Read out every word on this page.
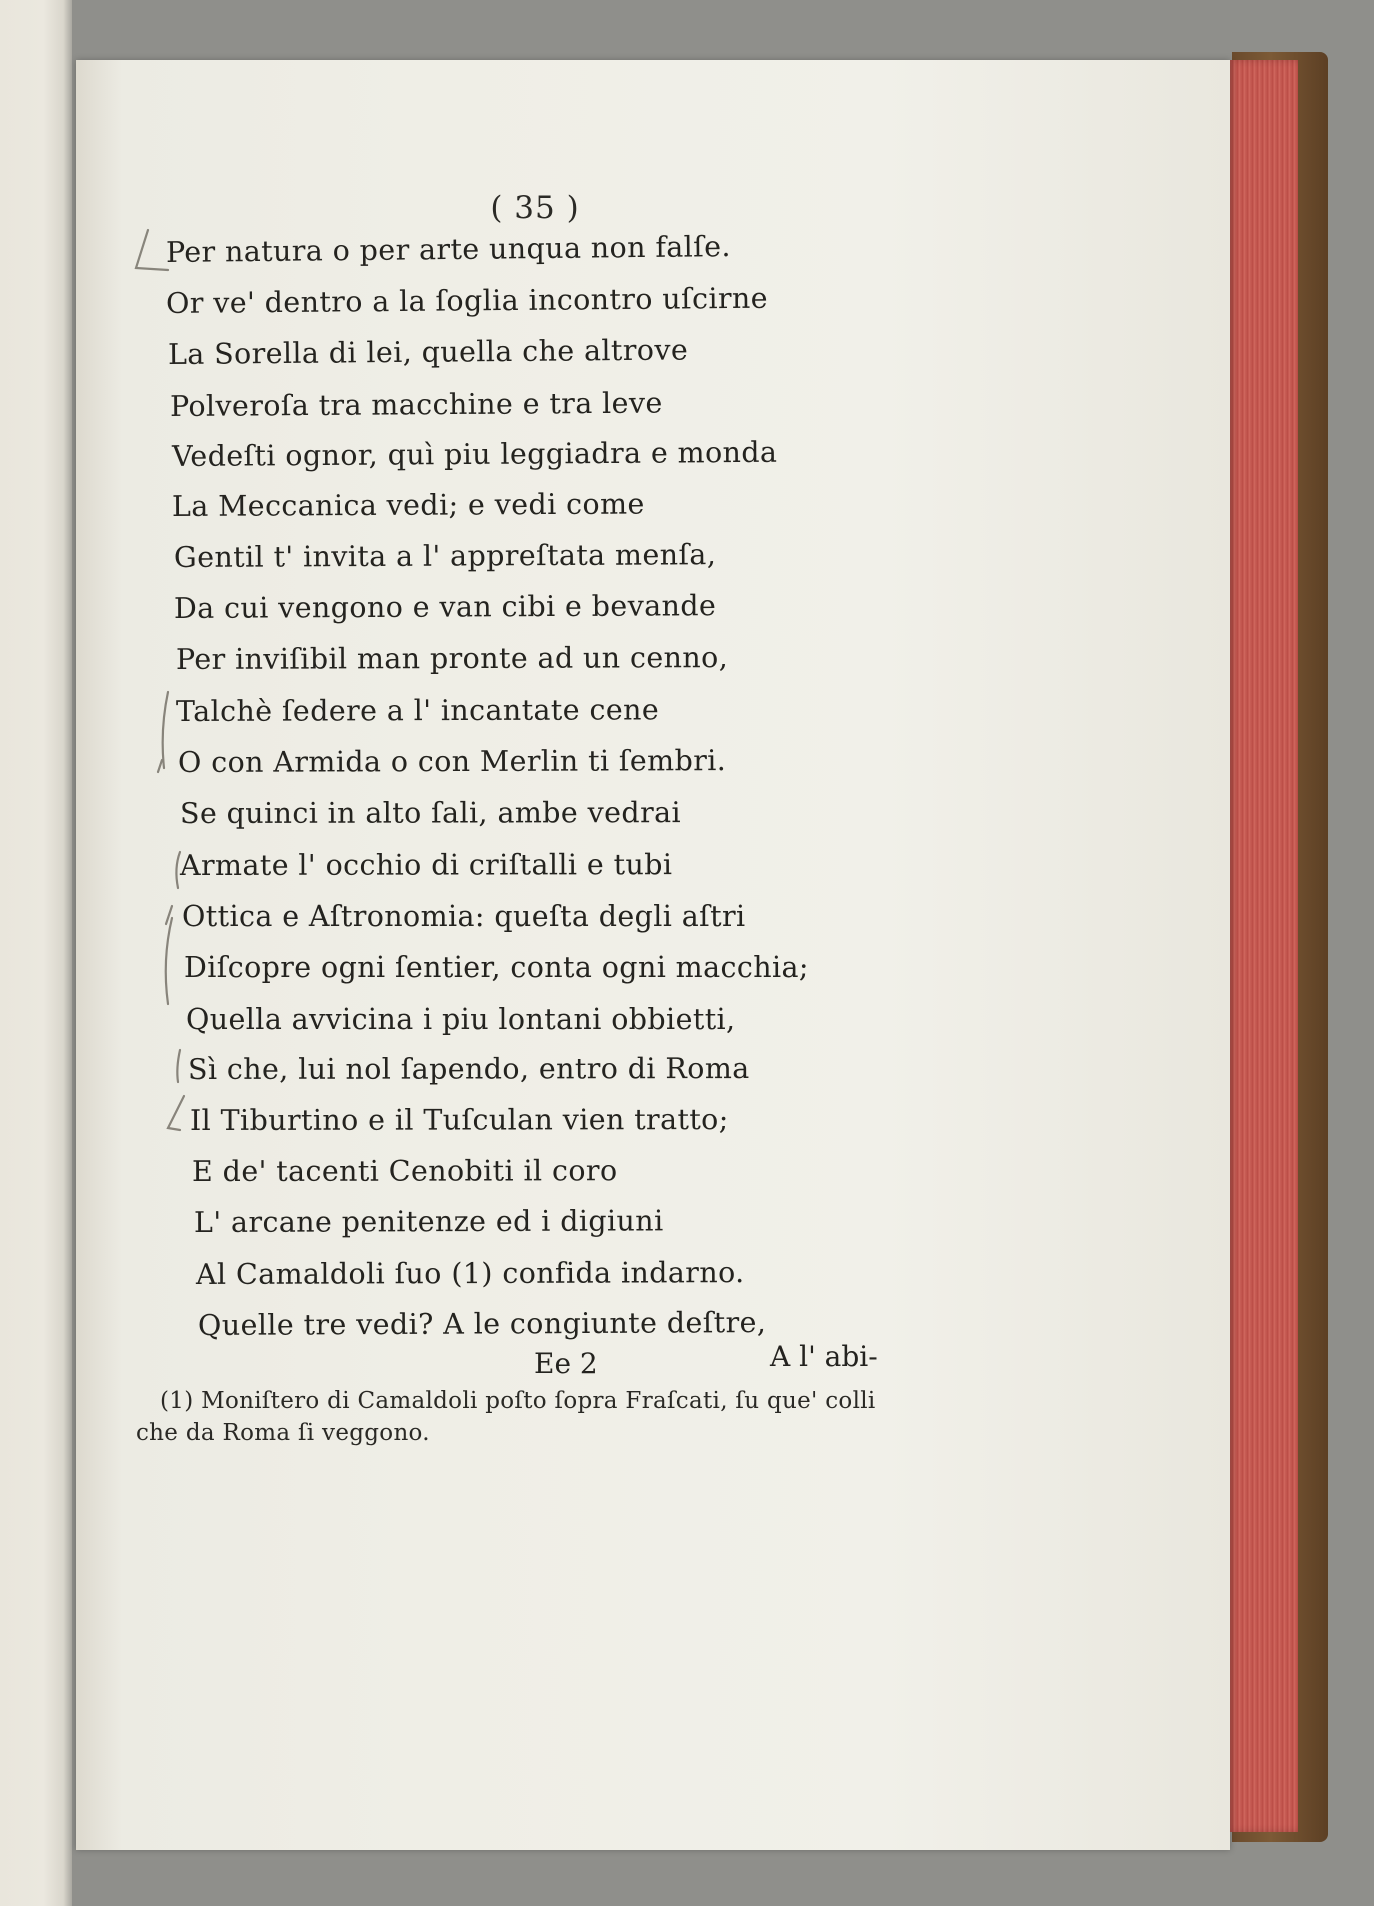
( 35 )
Per natura o per arte unqua non falſe.
Or ve' dentro a la ſoglia incontro uſcirne
La Sorella di lei, quella che altrove
Polveroſa tra macchine e tra leve
Vedeſti ognor, quì piu leggiadra e monda
La Meccanica vedi; e vedi come
Gentil t' invita a l' appreſtata menſa,
Da cui vengono e van cibi e bevande
Per inviſibil man pronte ad un cenno,
Talchè ſedere a l' incantate cene
O con Armida o con Merlin ti ſembri.
Se quinci in alto ſali, ambe vedrai
Armate l' occhio di criſtalli e tubi
Ottica e Aſtronomia: queſta degli aſtri
Diſcopre ogni ſentier, conta ogni macchia;
Quella avvicina i piu lontani obbietti,
Sì che, lui nol ſapendo, entro di Roma
Il Tiburtino e il Tuſculan vien tratto;
E de' tacenti Cenobiti il coro
L' arcane penitenze ed i digiuni
Al Camaldoli ſuo (1) confida indarno.
Quelle tre vedi? A le congiunte deſtre,
Ee 2	A l' abi-
(1) Moniſtero di Camaldoli poſto ſopra Fraſcati, ſu que' colli
che da Roma ſi veggono.
